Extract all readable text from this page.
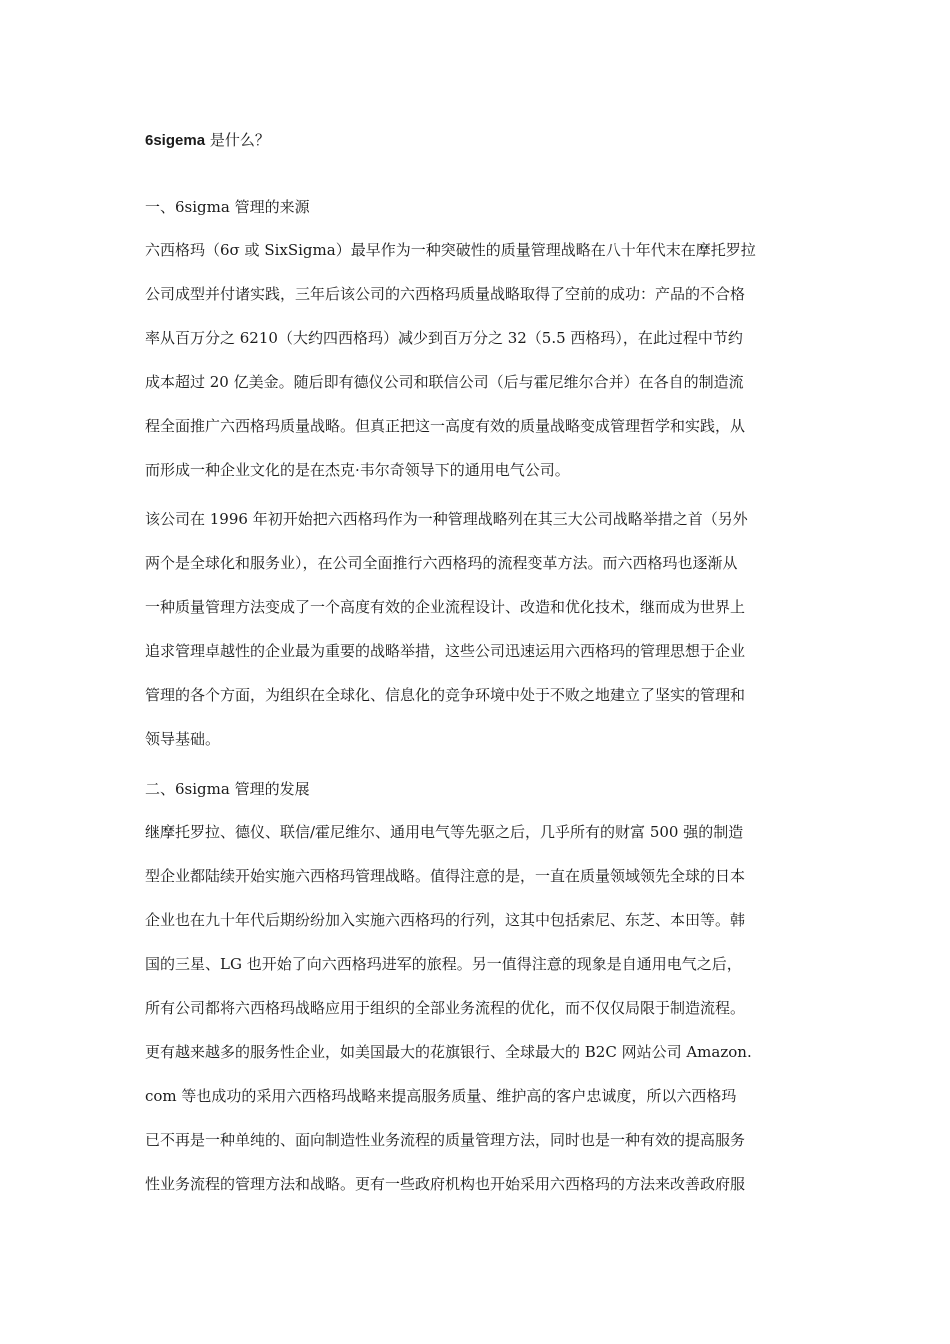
6sigema 是什么？
一、6sigma 管理的来源
六西格玛（6σ 或 SixSigma）最早作为一种突破性的质量管理战略在八十年代末在摩托罗拉
公司成型并付诸实践，三年后该公司的六西格玛质量战略取得了空前的成功：产品的不合格
率从百万分之 6210（大约四西格玛）减少到百万分之 32（5.5 西格玛），在此过程中节约
成本超过 20 亿美金。随后即有德仪公司和联信公司（后与霍尼维尔合并）在各自的制造流
程全面推广六西格玛质量战略。但真正把这一高度有效的质量战略变成管理哲学和实践，从
而形成一种企业文化的是在杰克·韦尔奇领导下的通用电气公司。
该公司在 1996 年初开始把六西格玛作为一种管理战略列在其三大公司战略举措之首（另外
两个是全球化和服务业），在公司全面推行六西格玛的流程变革方法。而六西格玛也逐渐从
一种质量管理方法变成了一个高度有效的企业流程设计、改造和优化技术，继而成为世界上
追求管理卓越性的企业最为重要的战略举措，这些公司迅速运用六西格玛的管理思想于企业
管理的各个方面，为组织在全球化、信息化的竞争环境中处于不败之地建立了坚实的管理和
领导基础。
二、6sigma 管理的发展
继摩托罗拉、德仪、联信/霍尼维尔、通用电气等先驱之后，几乎所有的财富 500 强的制造
型企业都陆续开始实施六西格玛管理战略。值得注意的是，一直在质量领域领先全球的日本
企业也在九十年代后期纷纷加入实施六西格玛的行列，这其中包括索尼、东芝、本田等。韩
国的三星、LG 也开始了向六西格玛进军的旅程。另一值得注意的现象是自通用电气之后，
所有公司都将六西格玛战略应用于组织的全部业务流程的优化，而不仅仅局限于制造流程。
更有越来越多的服务性企业，如美国最大的花旗银行、全球最大的 B2C 网站公司 Amazon.
com 等也成功的采用六西格玛战略来提高服务质量、维护高的客户忠诚度，所以六西格玛
已不再是一种单纯的、面向制造性业务流程的质量管理方法，同时也是一种有效的提高服务
性业务流程的管理方法和战略。更有一些政府机构也开始采用六西格玛的方法来改善政府服
